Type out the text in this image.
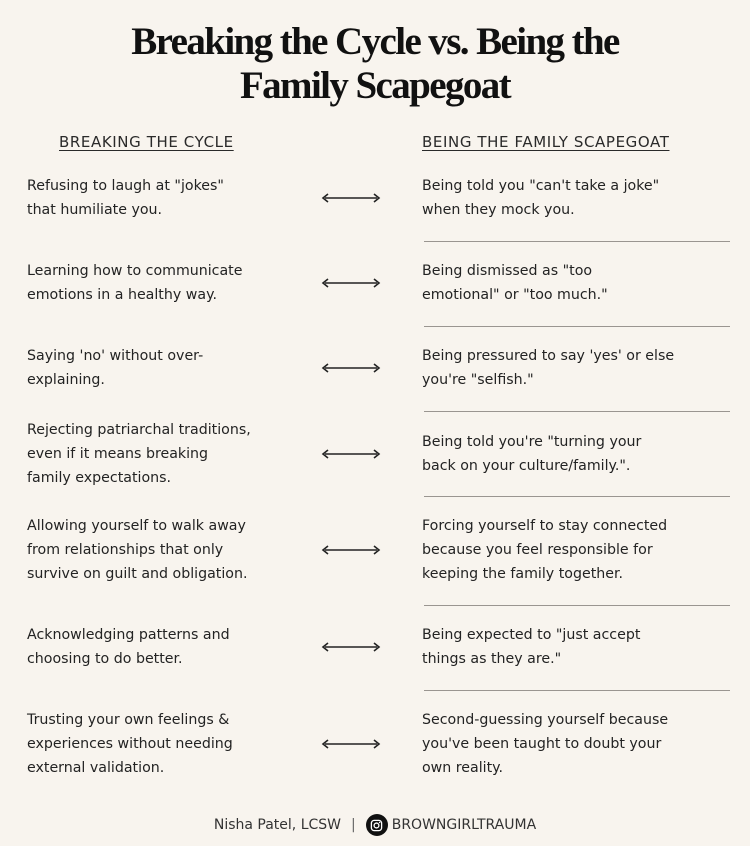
Breaking the Cycle vs. Being the
Family Scapegoat
BREAKING THE CYCLE	BEING THE FAMILY SCAPEGOAT
Refusing to laugh at "jokes"
that humiliate you.
Being told you "can't take a joke"
when they mock you.
Learning how to communicate
emotions in a healthy way.
Being dismissed as "too
emotional" or "too much."
Saying 'no' without over-
explaining.
Being pressured to say 'yes' or else
you're "selfish."
Rejecting patriarchal traditions,
even if it means breaking
family expectations.
Being told you're "turning your
back on your culture/family.".
Allowing yourself to walk away
from relationships that only
survive on guilt and obligation.
Forcing yourself to stay connected
because you feel responsible for
keeping the family together.
Acknowledging patterns and
choosing to do better.
Being expected to "just accept
things as they are."
Trusting your own feelings &
experiences without needing
external validation.
Second-guessing yourself because
you've been taught to doubt your
own reality.
Nisha Patel, LCSW |	BROWNGIRLTRAUMA
